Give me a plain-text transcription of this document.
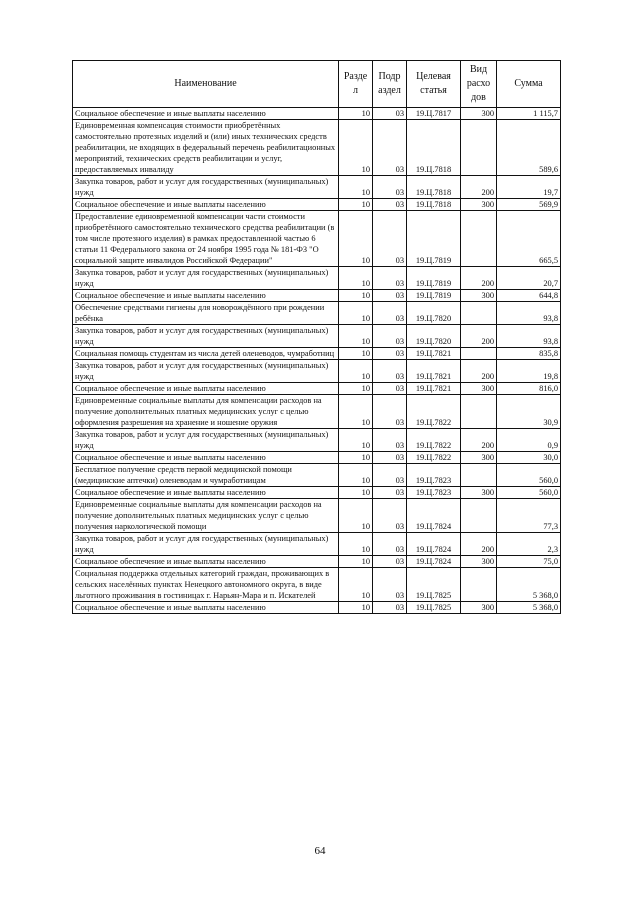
Наименование	Разде л	Подр аздел	Целевая статья	Вид расхо дов	Сумма
Социальное обеспечение и иные выплаты населению	10	03	19.Ц.7817	300	1 115,7
Единовременная компенсация стоимости приобретённых самостоятельно протезных изделий и (или) иных технических средств реабилитации, не входящих в федеральный перечень реабилитационных мероприятий, технических средств реабилитации и услуг, предоставляемых инвалиду	10	03	19.Ц.7818		589,6
Закупка товаров, работ и услуг для государственных (муниципальных) нужд	10	03	19.Ц.7818	200	19,7
Социальное обеспечение и иные выплаты населению	10	03	19.Ц.7818	300	569,9
Предоставление единовременной компенсации части стоимости приобретённого самостоятельно технического средства реабилитации (в том числе протезного изделия) в рамках предоставленной частью 6 статьи 11 Федерального закона от 24 ноября 1995 года № 181-ФЗ "О социальной защите инвалидов Российской Федерации"	10	03	19.Ц.7819		665,5
Закупка товаров, работ и услуг для государственных (муниципальных) нужд	10	03	19.Ц.7819	200	20,7
Социальное обеспечение и иные выплаты населению	10	03	19.Ц.7819	300	644,8
Обеспечение средствами гигиены для новорождённого при рождении ребёнка	10	03	19.Ц.7820		93,8
Закупка товаров, работ и услуг для государственных (муниципальных) нужд	10	03	19.Ц.7820	200	93,8
Социальная помощь студентам из числа детей оленеводов, чумработниц	10	03	19.Ц.7821		835,8
Закупка товаров, работ и услуг для государственных (муниципальных) нужд	10	03	19.Ц.7821	200	19,8
Социальное обеспечение и иные выплаты населению	10	03	19.Ц.7821	300	816,0
Единовременные социальные выплаты для компенсации расходов на получение дополнительных платных медицинских услуг с целью оформления разрешения на хранение и ношение оружия	10	03	19.Ц.7822		30,9
Закупка товаров, работ и услуг для государственных (муниципальных) нужд	10	03	19.Ц.7822	200	0,9
Социальное обеспечение и иные выплаты населению	10	03	19.Ц.7822	300	30,0
Бесплатное получение средств первой медицинской помощи (медицинские аптечки) оленеводам и чумработницам	10	03	19.Ц.7823		560,0
Социальное обеспечение и иные выплаты населению	10	03	19.Ц.7823	300	560,0
Единовременные социальные выплаты для компенсации расходов на получение дополнительных платных медицинских услуг с целью получения наркологической помощи	10	03	19.Ц.7824		77,3
Закупка товаров, работ и услуг для государственных (муниципальных) нужд	10	03	19.Ц.7824	200	2,3
Социальное обеспечение и иные выплаты населению	10	03	19.Ц.7824	300	75,0
Социальная поддержка отдельных категорий граждан, проживающих в сельских населённых пунктах Ненецкого автономного округа, в виде льготного проживания в гостиницах г. Нарьян-Мара и п. Искателей	10	03	19.Ц.7825		5 368,0
Социальное обеспечение и иные выплаты населению	10	03	19.Ц.7825	300	5 368,0
64
